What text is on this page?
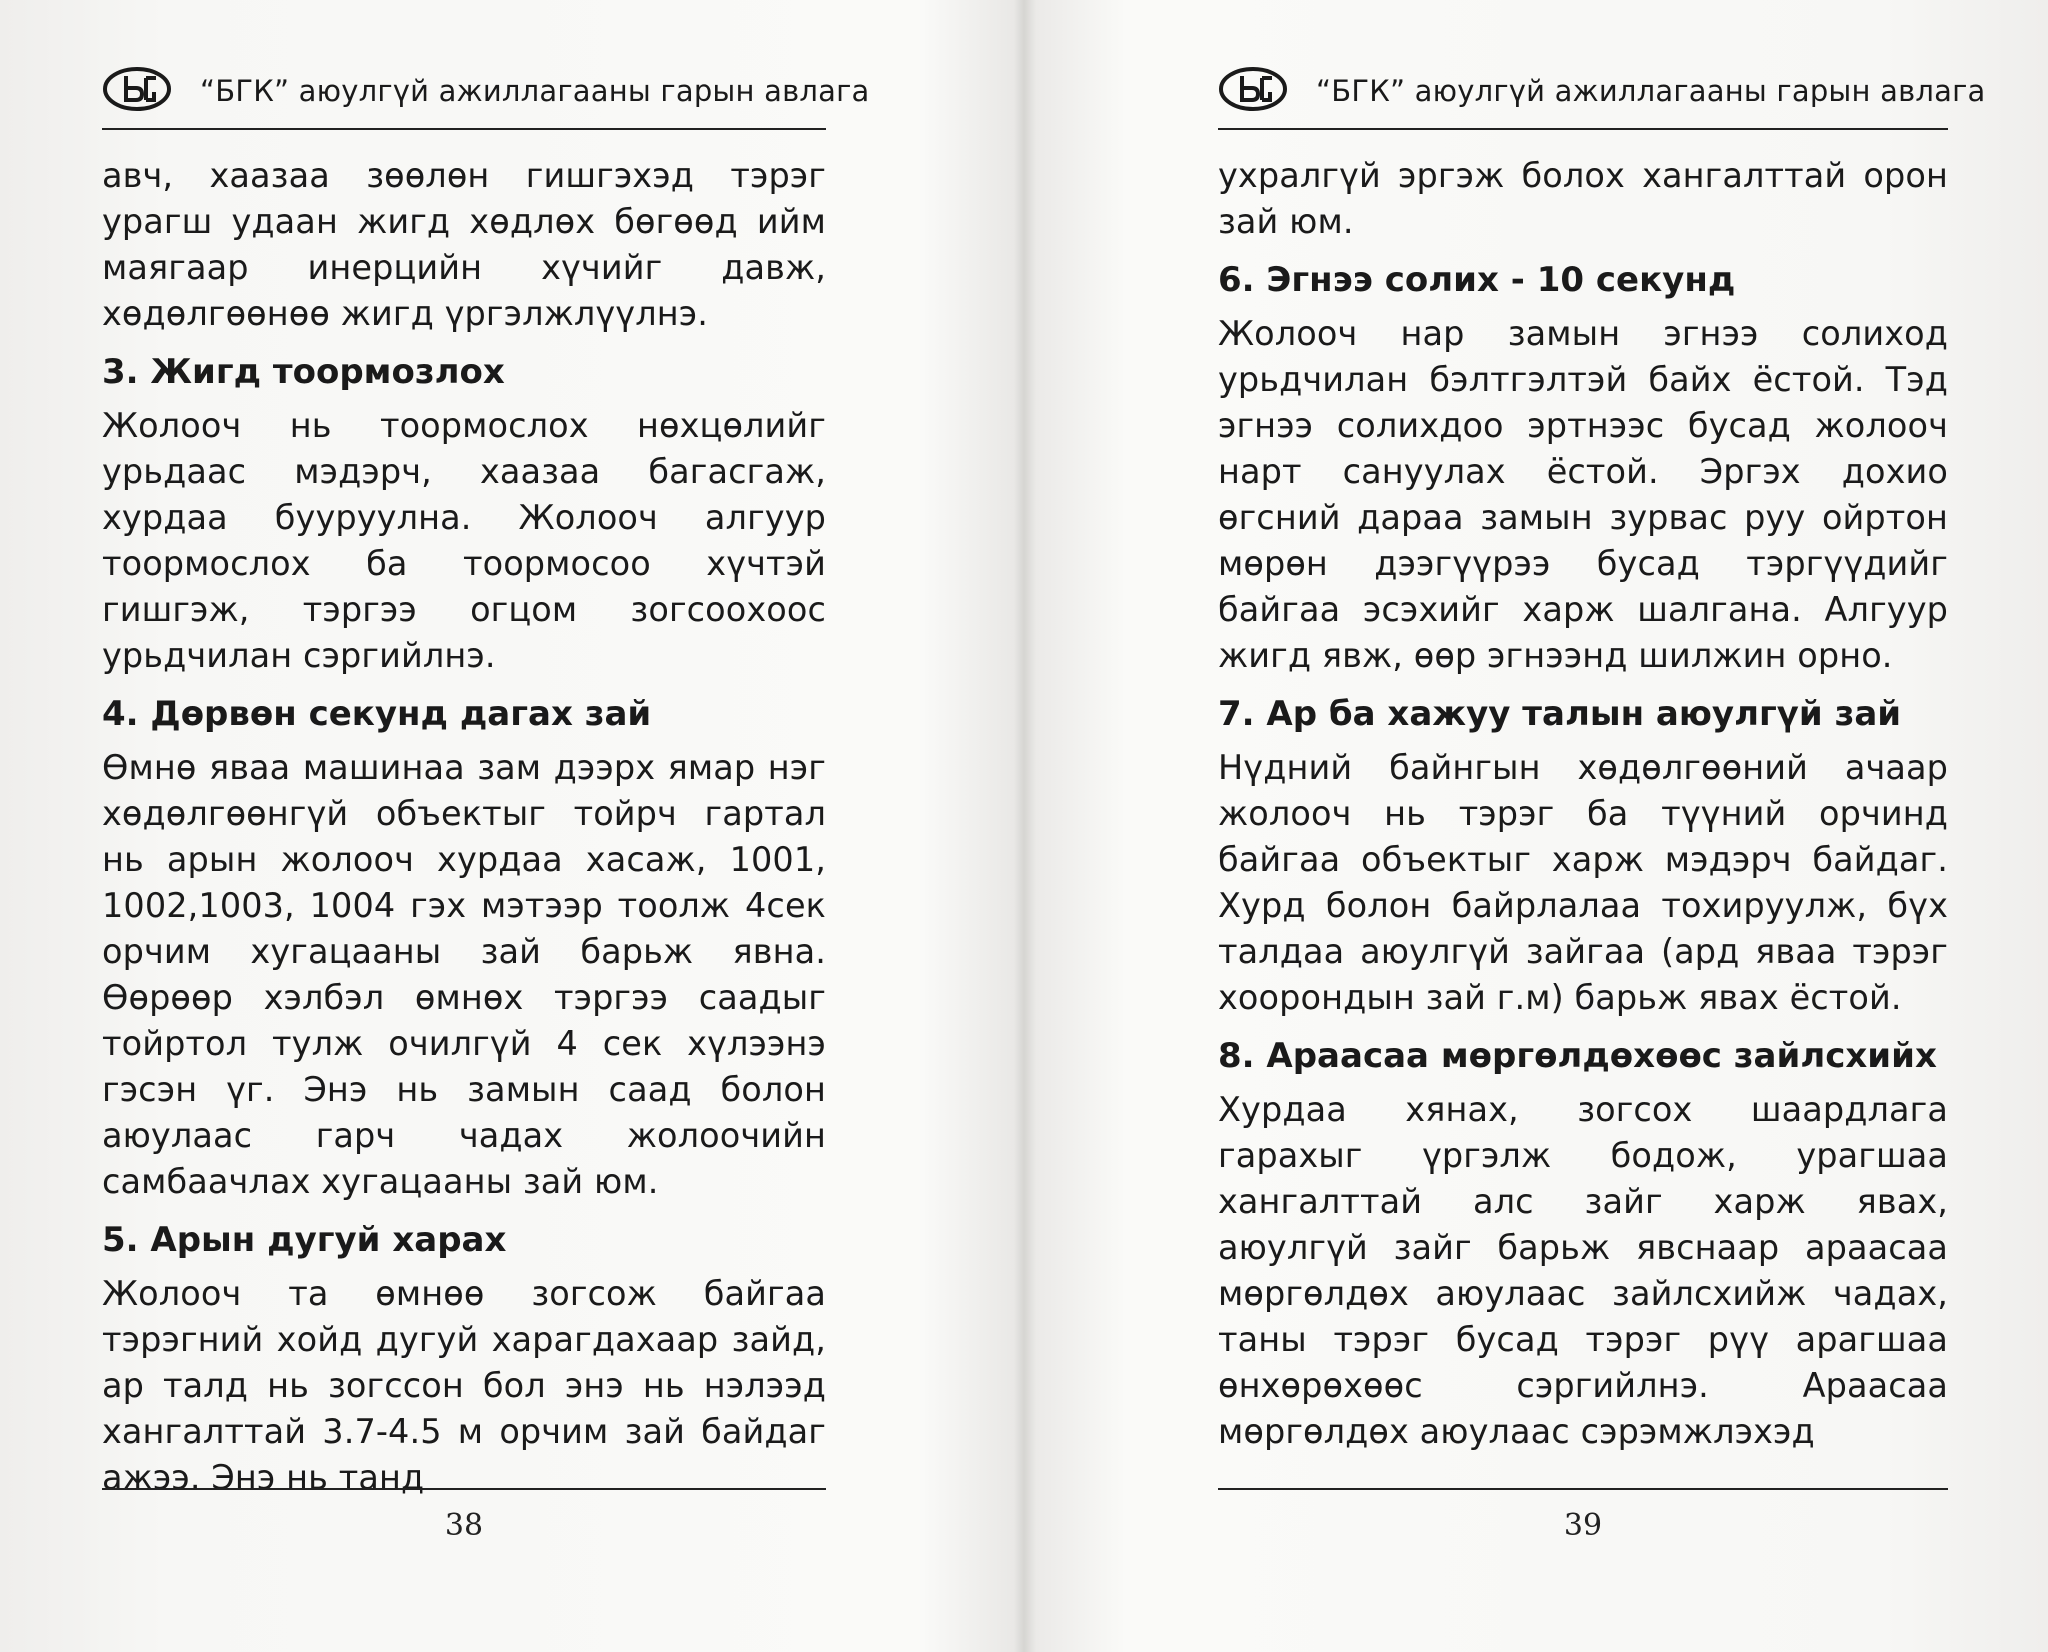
“БГК” аюулгүй ажиллагааны гарын авлага

авч, хаазаа зөөлөн гишгэхэд тэрэг урагш удаан жигд хөдлөх бөгөөд ийм маягаар инерцийн хүчийг давж, хөдөлгөөнөө жигд үргэлжлүүлнэ.

3. Жигд тоормозлох

Жолооч нь тоормослох нөхцөлийг урьдаас мэдэрч, хаазаа багасгаж, хурдаа бууруулна. Жолооч алгуур тоормослох ба тоормосоо хүчтэй гишгэж, тэргээ огцом зогсоохоос урьдчилан сэргийлнэ.

4. Дөрвөн секунд дагах зай

Өмнө яваа машинаа зам дээрх ямар нэг хөдөлгөөнгүй объектыг тойрч гартал нь арын жолооч хурдаа хасаж, 1001, 1002,1003, 1004 гэх мэтээр тоолж 4сек орчим хугацааны зай барьж явна. Өөрөөр хэлбэл өмнөх тэргээ саадыг тойртол тулж очилгүй 4 сек хүлээнэ гэсэн үг. Энэ нь замын саад болон аюулаас гарч чадах жолоочийн самбаачлах хугацааны зай юм.

5. Арын дугуй харах

Жолооч та өмнөө зогсож байгаа тэрэгний хойд дугуй харагдахаар зайд, ар талд нь зогссон бол энэ нь нэлээд хангалттай 3.7-4.5 м орчим зай байдаг ажээ. Энэ нь танд

38
“БГК” аюулгүй ажиллагааны гарын авлага

ухралгүй эргэж болох хангалттай орон зай юм.

6. Эгнээ солих - 10 секунд

Жолооч нар замын эгнээ солиход урьдчилан бэлтгэлтэй байх ёстой. Тэд эгнээ солихдоо эртнээс бусад жолооч нарт сануулах ёстой. Эргэх дохио өгсний дараа замын зурвас руу ойртон мөрөн дээгүүрээ бусад тэргүүдийг байгаа эсэхийг харж шалгана. Алгуур жигд явж, өөр эгнээнд шилжин орно.

7. Ар ба хажуу талын аюулгүй зай

Нүдний байнгын хөдөлгөөний ачаар жолооч нь тэрэг ба түүний орчинд байгаа объектыг харж мэдэрч байдаг. Хурд болон байрлалаа тохируулж, бүх талдаа аюулгүй зайгаа (ард яваа тэрэг хоорондын зай г.м) барьж явах ёстой.

8. Араасаа мөргөлдөхөөс зайлсхийх

Хурдаа хянах, зогсох шаардлага гарахыг үргэлж бодож, урагшаа хангалттай алс зайг харж явах, аюулгүй зайг барьж явснаар араасаа мөргөлдөх аюулаас зайлсхийж чадах, таны тэрэг бусад тэрэг рүү арагшаа өнхөрөхөөс сэргийлнэ. Араасаа мөргөлдөх аюулаас сэрэмжлэхэд

39
